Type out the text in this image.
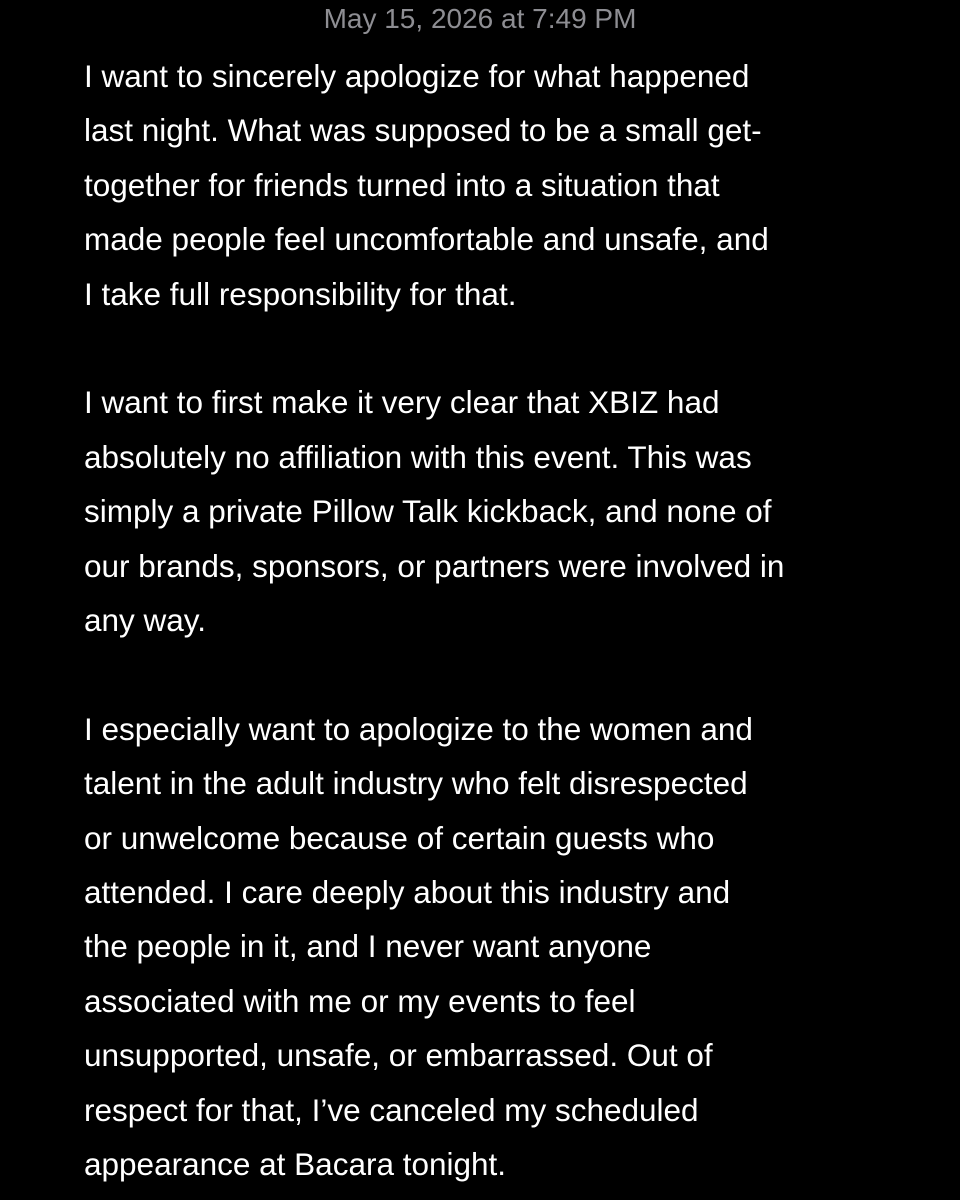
May 15, 2026 at 7:49 PM

I want to sincerely apologize for what happened
last night. What was supposed to be a small get-
together for friends turned into a situation that
made people feel uncomfortable and unsafe, and
I take full responsibility for that.

I want to first make it very clear that XBIZ had
absolutely no affiliation with this event. This was
simply a private Pillow Talk kickback, and none of
our brands, sponsors, or partners were involved in
any way.

I especially want to apologize to the women and
talent in the adult industry who felt disrespected
or unwelcome because of certain guests who
attended. I care deeply about this industry and
the people in it, and I never want anyone
associated with me or my events to feel
unsupported, unsafe, or embarrassed. Out of
respect for that, I’ve canceled my scheduled
appearance at Bacara tonight.
